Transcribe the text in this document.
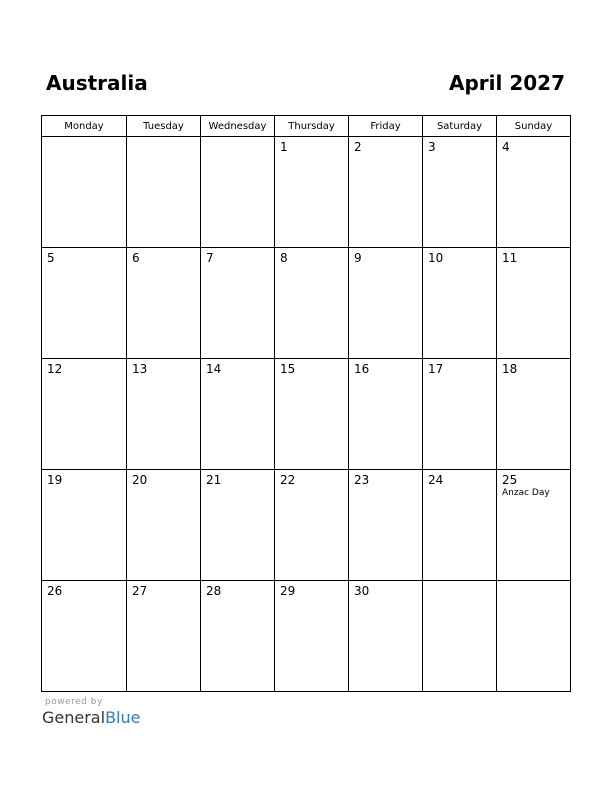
Australia	April 2027
Monday	Tuesday	Wednesday	Thursday	Friday	Saturday	Sunday

			1	2	3	4

5	6	7	8	9	10	11

12	13	14	15	16	17	18

19	20	21	22	23	24	25
Anzac Day

26	27	28	29	30		

powered by
GeneralBlue
